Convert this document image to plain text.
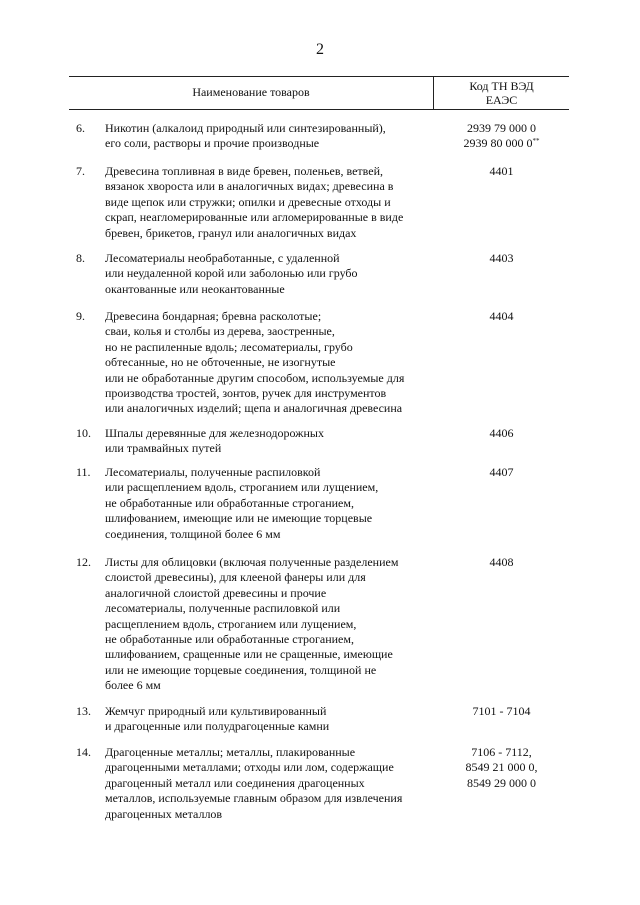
2
Наименование товаров	Код ТН ВЭД
ЕАЭС
6.	Никотин (алкалоид природный или синтезированный),
его соли, растворы и прочие производные
2939 79 000 0
2939 80 000 0**
7.	Древесина топливная в виде бревен, поленьев, ветвей,
вязанок хвороста или в аналогичных видах; древесина в
виде щепок или стружки; опилки и древесные отходы и
скрап, неагломерированные или агломерированные в виде
бревен, брикетов, гранул или аналогичных видах
4401
8.	Лесоматериалы необработанные, с удаленной
или неудаленной корой или заболонью или грубо
окантованные или неокантованные
4403
9.	Древесина бондарная; бревна расколотые;
сваи, колья и столбы из дерева, заостренные,
но не распиленные вдоль; лесоматериалы, грубо
обтесанные, но не обточенные, не изогнутые
или не обработанные другим способом, используемые для
производства тростей, зонтов, ручек для инструментов
или аналогичных изделий; щепа и аналогичная древесина
4404
10.	Шпалы деревянные для железнодорожных
или трамвайных путей
4406
11.	Лесоматериалы, полученные распиловкой
или расщеплением вдоль, строганием или лущением,
не обработанные или обработанные строганием,
шлифованием, имеющие или не имеющие торцевые
соединения, толщиной более 6 мм
4407
12.	Листы для облицовки (включая полученные разделением
слоистой древесины), для клееной фанеры или для
аналогичной слоистой древесины и прочие
лесоматериалы, полученные распиловкой или
расщеплением вдоль, строганием или лущением,
не обработанные или обработанные строганием,
шлифованием, сращенные или не сращенные, имеющие
или не имеющие торцевые соединения, толщиной не
более 6 мм
4408
13.	Жемчуг природный или культивированный
и драгоценные или полудрагоценные камни
7101 - 7104
14.	Драгоценные металлы; металлы, плакированные
драгоценными металлами; отходы или лом, содержащие
драгоценный металл или соединения драгоценных
металлов, используемые главным образом для извлечения
драгоценных металлов
7106 - 7112,
8549 21 000 0,
8549 29 000 0
